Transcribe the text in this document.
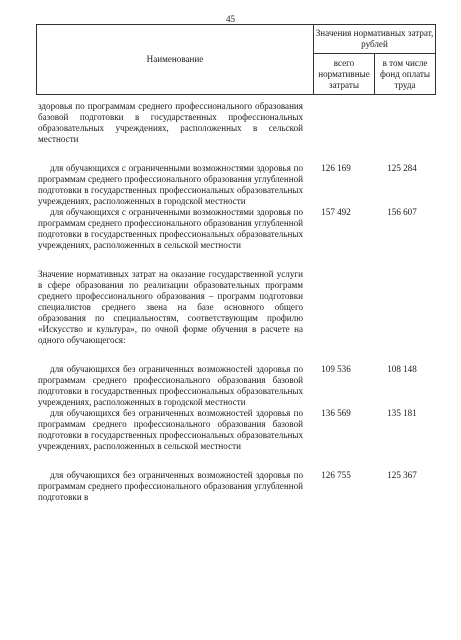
45
Наименование	Значения нормативных затрат, рублей	
	всего нормативные затраты	в том числе фонд оплаты труда
здоровья по программам среднего профессионального образования базовой подготовки в государственных профессиональных образовательных учреждениях, расположенных в сельской местности
для обучающихся с ограниченными возможностями здоровья по программам среднего профессионального образования углубленной подготовки в государственных профессиональных образовательных учреждениях, расположенных в городской местности
126 169	125 284
для обучающихся с ограниченными возможностями здоровья по программам среднего профессионального образования углубленной подготовки в государственных профессиональных образовательных учреждениях, расположенных в сельской местности
157 492	156 607
Значение нормативных затрат на оказание государственной услуги в сфере образования по реализации образовательных программ среднего профессионального образования – программ подготовки специалистов среднего звена на базе основного общего образования по специальностям, соответствующим профилю «Искусство и культура», по очной форме обучения в расчете на одного обучающегося:
для обучающихся без ограниченных возможностей здоровья по программам среднего профессионального образования базовой подготовки в государственных профессиональных образовательных учреждениях, расположенных в городской местности
109 536	108 148
для обучающихся без ограниченных возможностей здоровья по программам среднего профессионального образования базовой подготовки в государственных профессиональных образовательных учреждениях, расположенных в сельской местности
136 569	135 181
для обучающихся без ограниченных возможностей здоровья по программам среднего профессионального образования углубленной подготовки в
126 755	125 367
